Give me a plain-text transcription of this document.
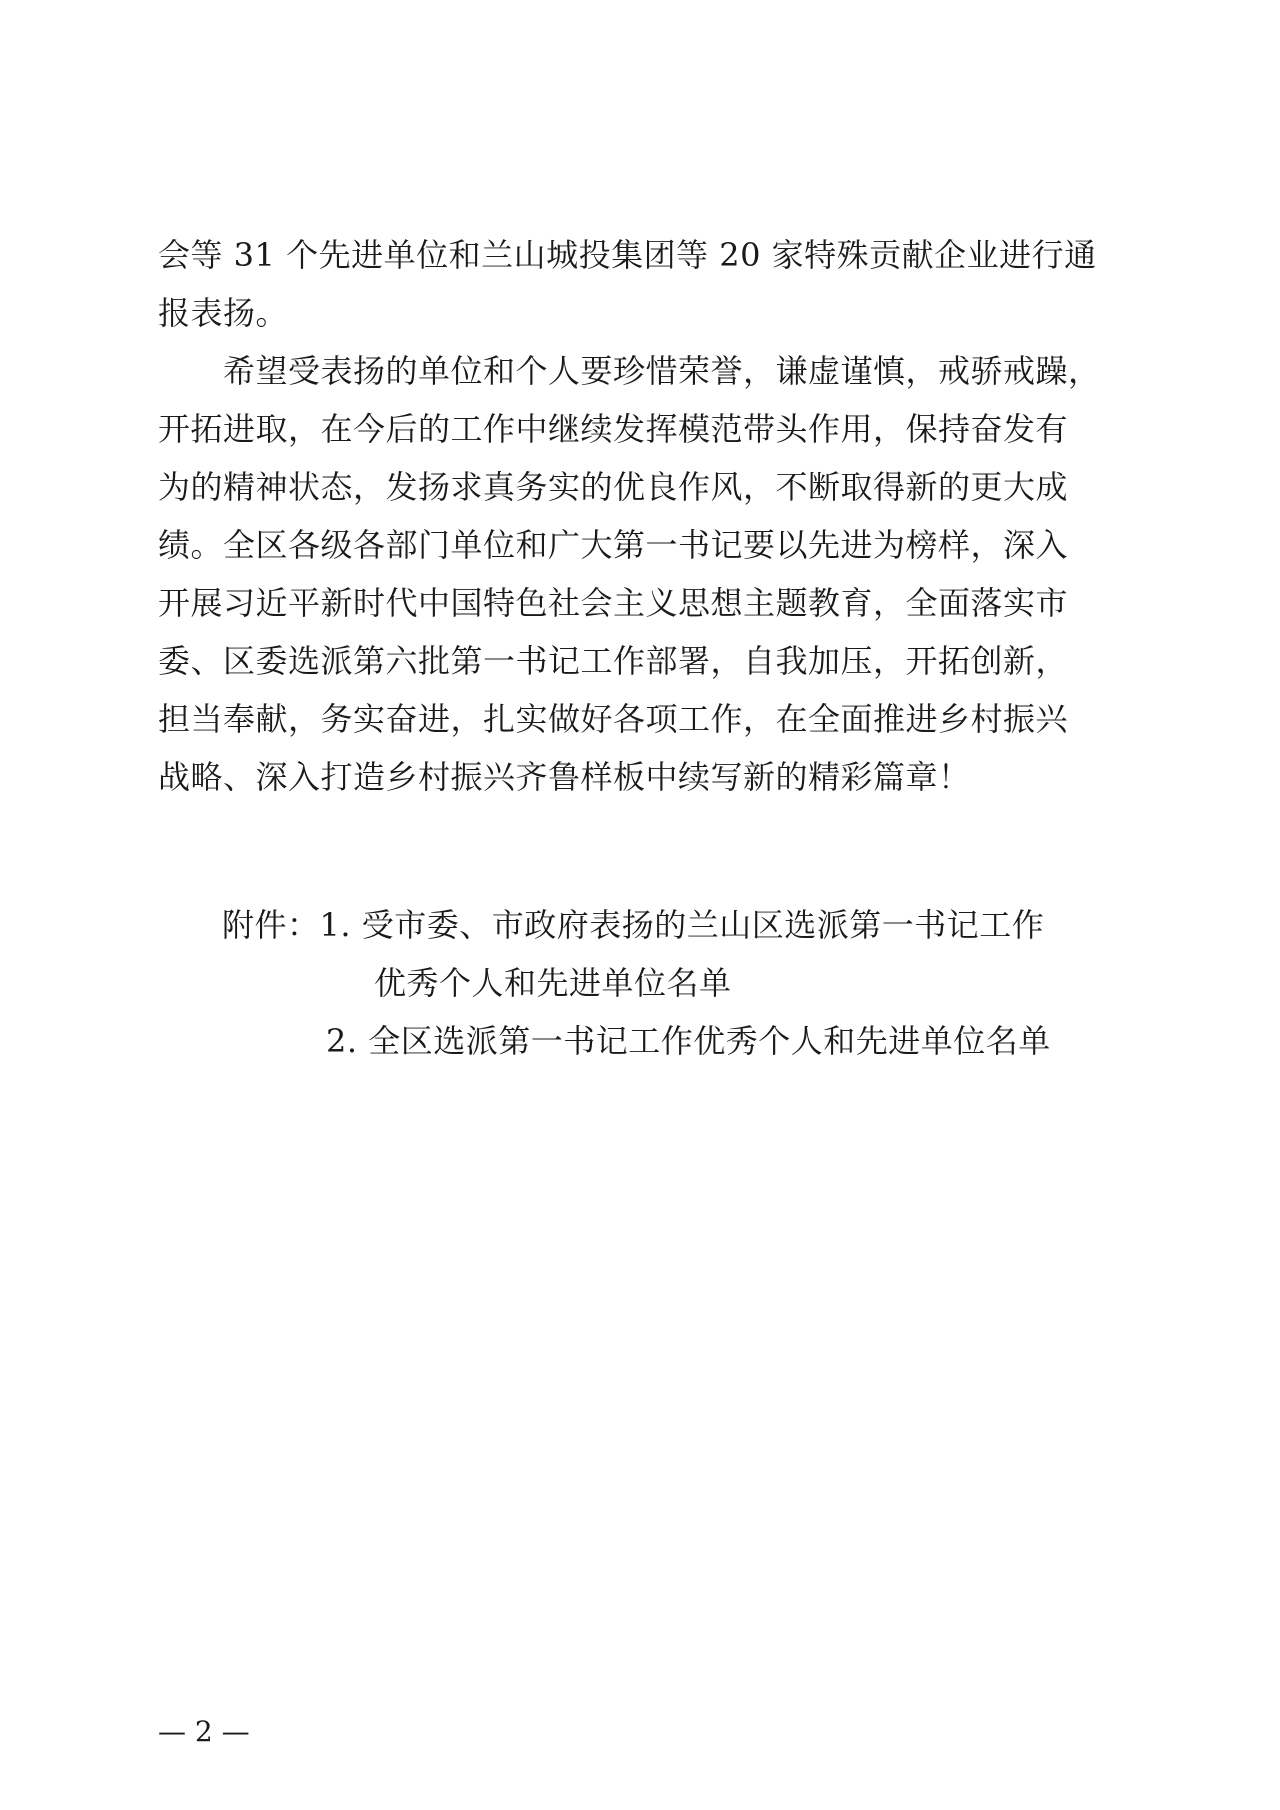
会等 31 个先进单位和兰山城投集团等 20 家特殊贡献企业进行通
报表扬。
　　希望受表扬的单位和个人要珍惜荣誉，谦虚谨慎，戒骄戒躁，
开拓进取，在今后的工作中继续发挥模范带头作用，保持奋发有
为的精神状态，发扬求真务实的优良作风，不断取得新的更大成
绩。全区各级各部门单位和广大第一书记要以先进为榜样，深入
开展习近平新时代中国特色社会主义思想主题教育，全面落实市
委、区委选派第六批第一书记工作部署，自我加压，开拓创新，
担当奉献，务实奋进，扎实做好各项工作，在全面推进乡村振兴
战略、深入打造乡村振兴齐鲁样板中续写新的精彩篇章！
附件：1. 受市委、市政府表扬的兰山区选派第一书记工作
优秀个人和先进单位名单
2. 全区选派第一书记工作优秀个人和先进单位名单
— 2 —
